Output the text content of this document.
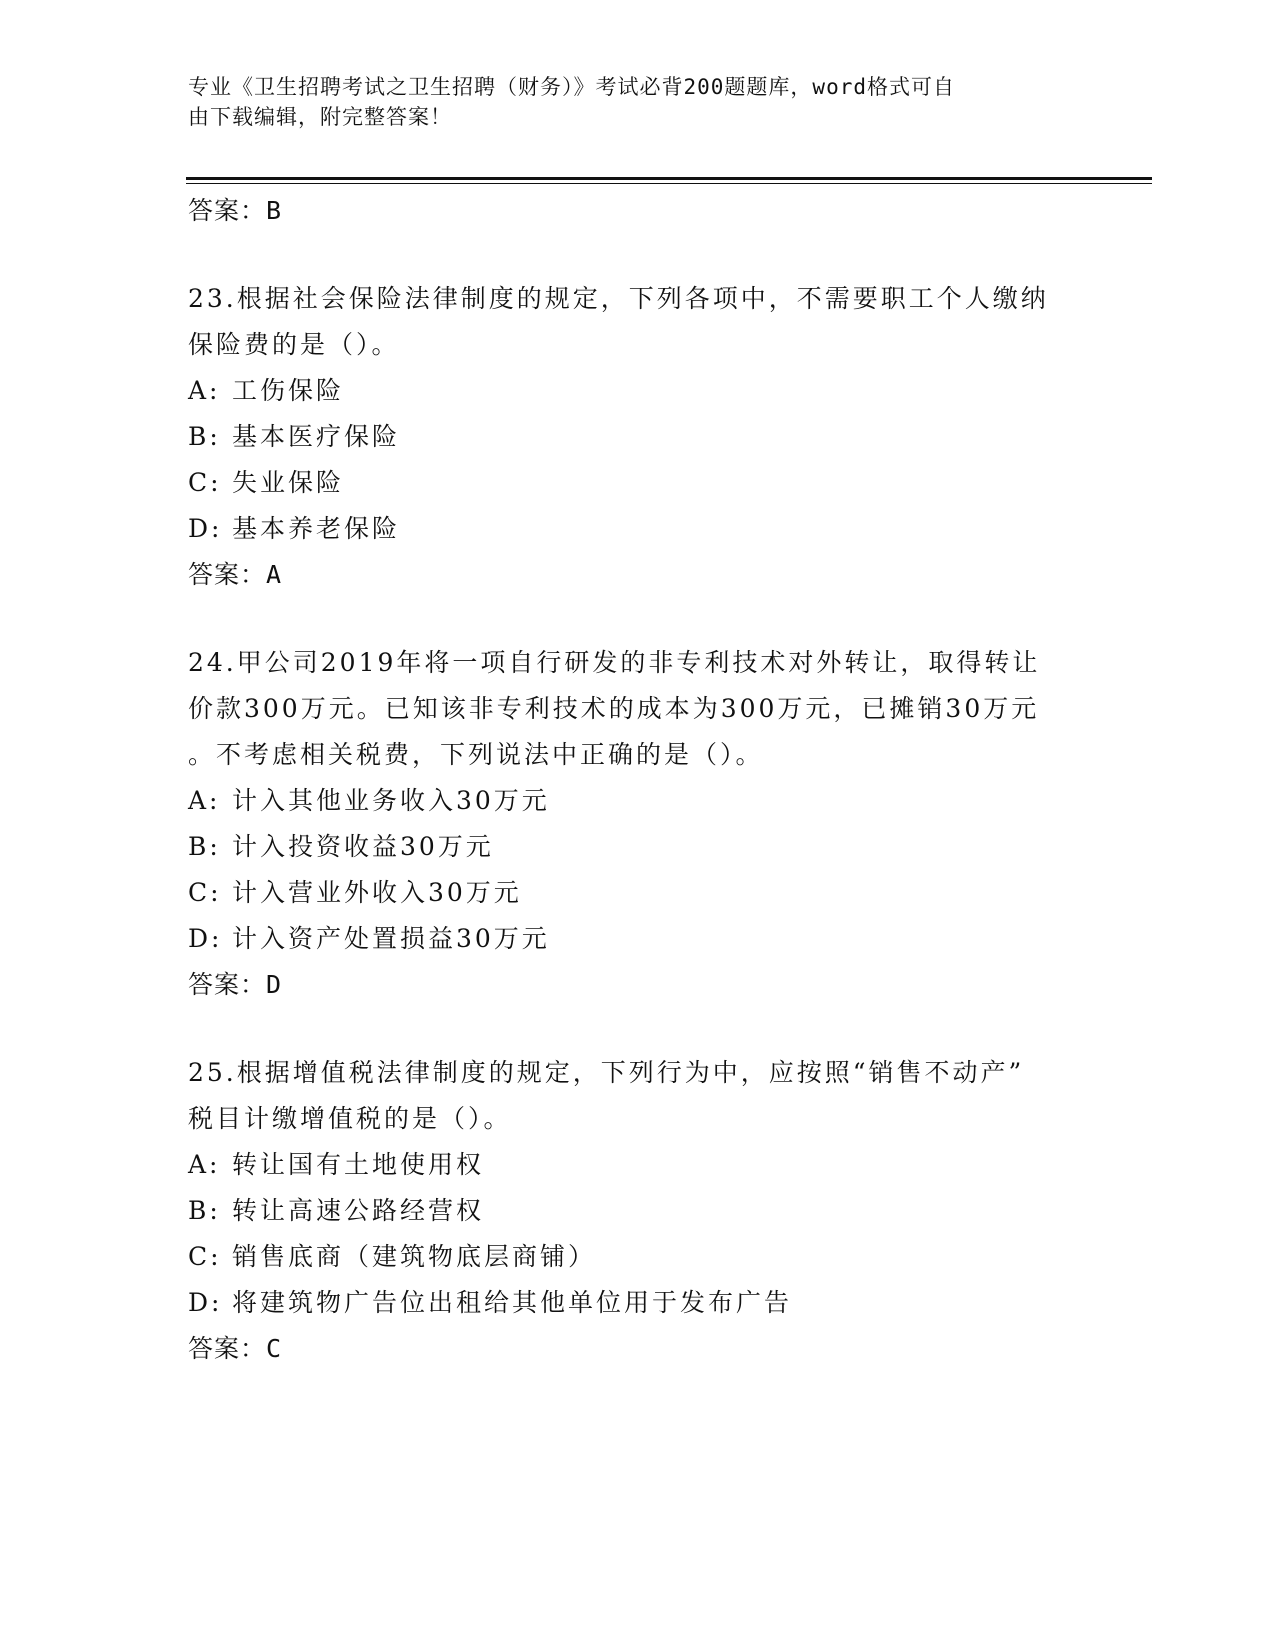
专业《卫生招聘考试之卫生招聘（财务）》考试必背200题题库，word格式可自
由下载编辑，附完整答案！
答案：B
23.根据社会保险法律制度的规定，下列各项中，不需要职工个人缴纳
保险费的是（）。
A: 工伤保险
B: 基本医疗保险
C: 失业保险
D: 基本养老保险
答案：A
24.甲公司2019年将一项自行研发的非专利技术对外转让，取得转让
价款300万元。已知该非专利技术的成本为300万元，已摊销30万元
。不考虑相关税费，下列说法中正确的是（）。
A: 计入其他业务收入30万元
B: 计入投资收益30万元
C: 计入营业外收入30万元
D: 计入资产处置损益30万元
答案：D
25.根据增值税法律制度的规定，下列行为中，应按照“销售不动产”
税目计缴增值税的是（）。
A: 转让国有土地使用权
B: 转让高速公路经营权
C: 销售底商（建筑物底层商铺）
D: 将建筑物广告位出租给其他单位用于发布广告
答案：C
